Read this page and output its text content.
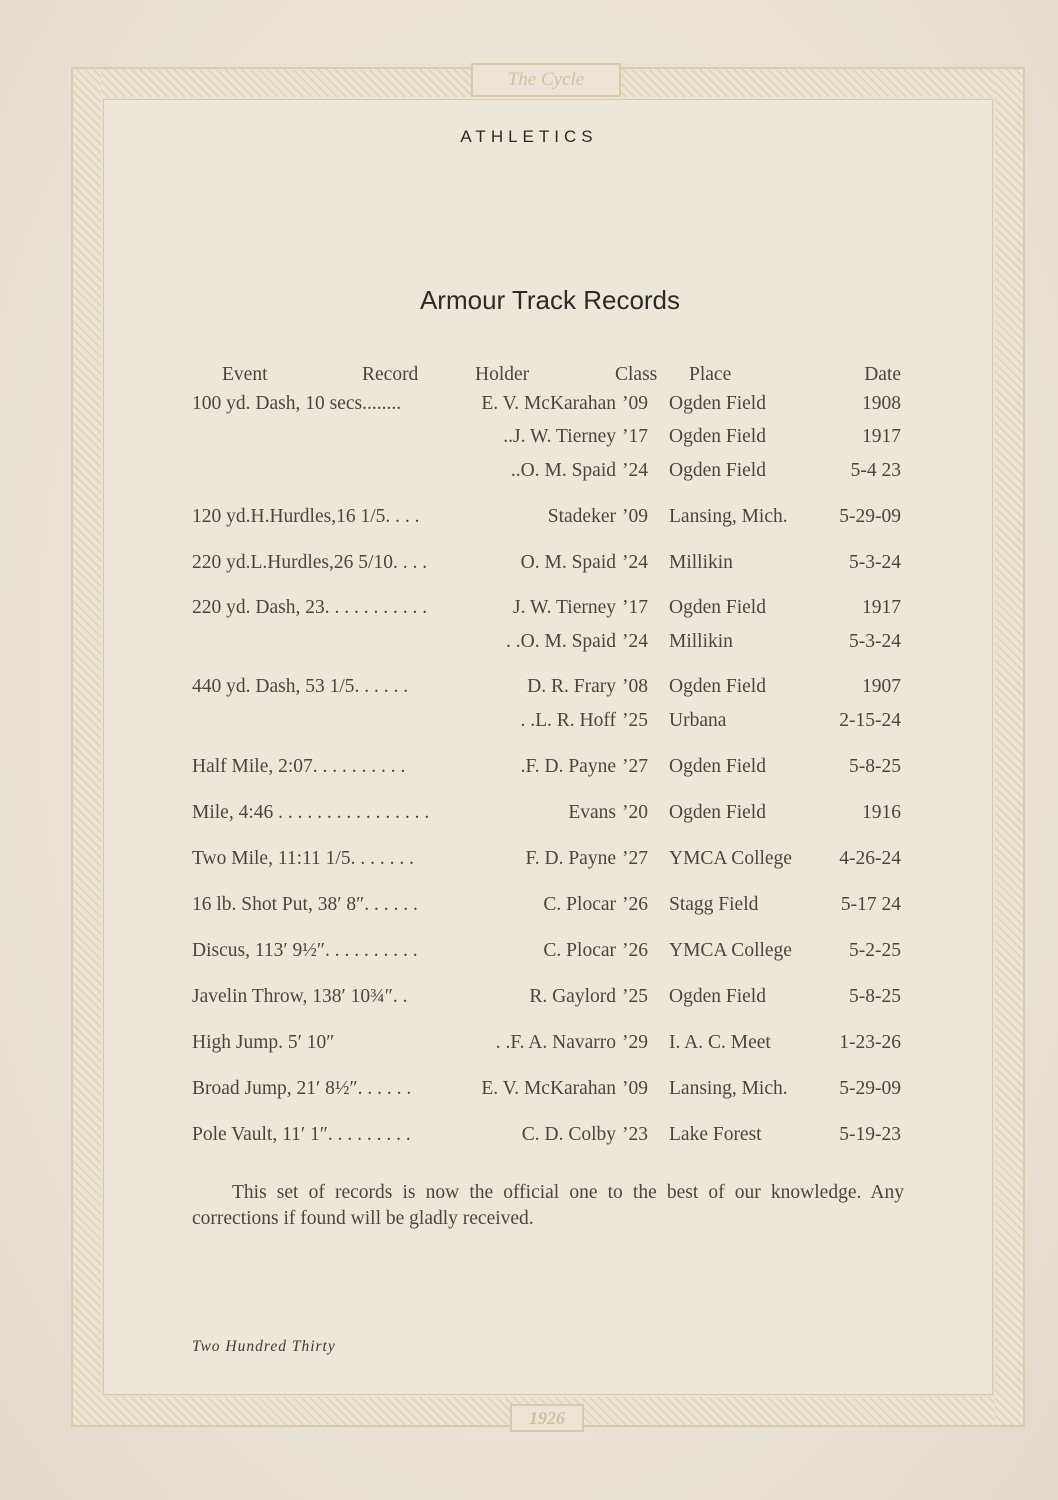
The Cycle
1926
ATHLETICS
Armour Track Records
Event	Record	Holder	Class Place	Date
100 yd. Dash, 10 secs........	E. V. McKarahan ’09 Ogden Field	1908
..J. W. Tierney ’17 Ogden Field	1917
..O. M. Spaid ’24 Ogden Field	5-4 23
120 yd.H.Hurdles,16 1/5. . . .	Stadeker ’09 Lansing, Mich.	5-29-09
220 yd.L.Hurdles,26 5/10. . . .	O. M. Spaid ’24 Millikin	5-3-24
220 yd. Dash, 23. . . . . . . . . . .	J. W. Tierney ’17 Ogden Field	1917
. .O. M. Spaid ’24 Millikin	5-3-24
440 yd. Dash, 53 1/5. . . . . .	D. R. Frary ’08 Ogden Field	1907
. .L. R. Hoff ’25 Urbana	2-15-24
Half Mile, 2:07. . . . . . . . . .	.F. D. Payne ’27 Ogden Field	5-8-25
Mile, 4:46 . . . . . . . . . . . . . . . .	Evans ’20 Ogden Field	1916
Two Mile, 11:11 1/5. . . . . . .	F. D. Payne ’27 YMCA College 4-26-24
16 lb. Shot Put, 38′ 8″. . . . . .	C. Plocar ’26 Stagg Field	5-17 24
Discus, 113′ 9½″. . . . . . . . . .	C. Plocar ’26 YMCA College	5-2-25
Javelin Throw, 138′ 10¾″. .	R. Gaylord ’25 Ogden Field	5-8-25
High Jump. 5′ 10″	. .F. A. Navarro ’29 I. A. C. Meet	1-23-26
Broad Jump, 21′ 8½″. . . . . .	E. V. McKarahan ’09 Lansing, Mich.	5-29-09
Pole Vault, 11′ 1″. . . . . . . . .	C. D. Colby ’23 Lake Forest	5-19-23
This set of records is now the official one to the best of our knowledge. Any corrections if found will be gladly received.
Two Hundred Thirty
